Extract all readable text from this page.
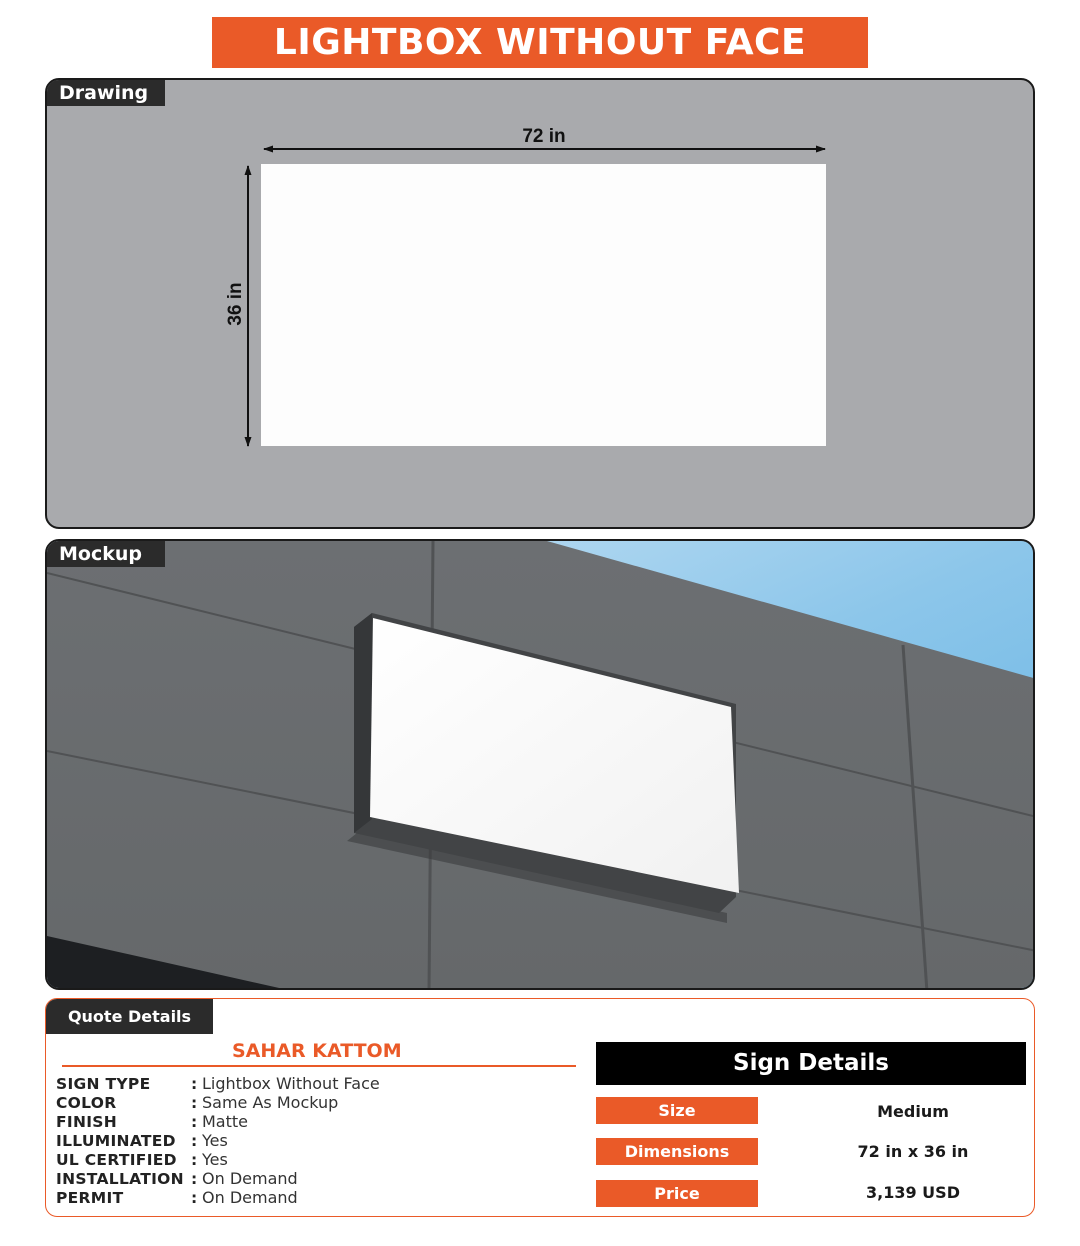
LIGHTBOX WITHOUT FACE
Drawing
72 in
36 in
Mockup
Quote Details
SAHAR KATTOM
SIGN TYPE	: Lightbox Without Face
COLOR	: Same As Mockup
FINISH	: Matte
ILLUMINATED : Yes
UL CERTIFIED : Yes
INSTALLATION : On Demand
PERMIT	: On Demand
Sign Details
Size	Medium
Dimensions	72 in x 36 in
Price	3,139 USD
